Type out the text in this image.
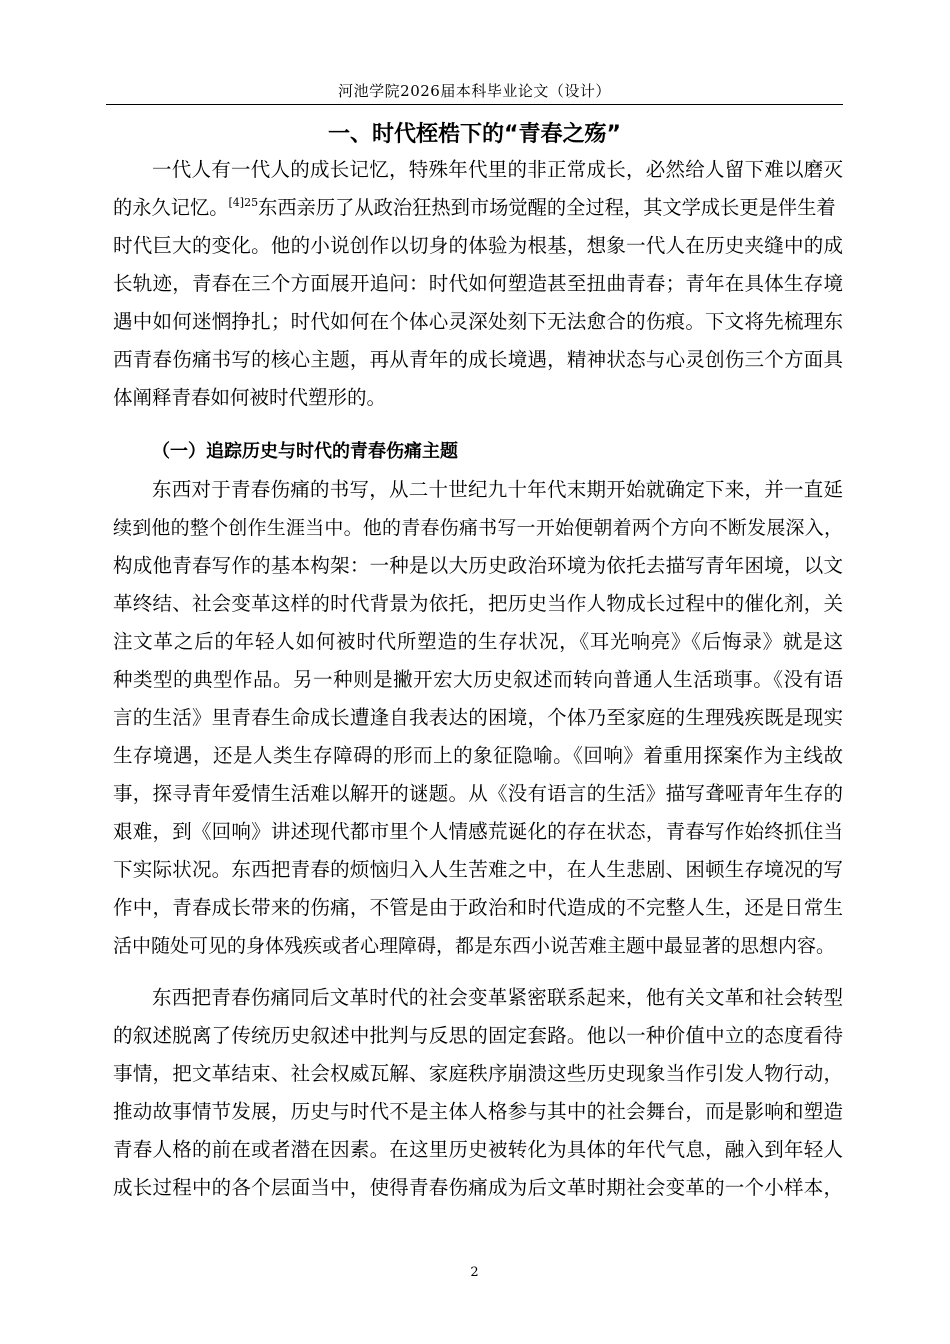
河池学院2026届本科毕业论文（设计）
一、时代桎梏下的“青春之殇”

一代人有一代人的成长记忆，特殊年代里的非正常成长，必然给人留下难以磨灭

的永久记忆。$^{[4]25}$东西亲历了从政治狂热到市场觉醒的全过程，其文学成长更是伴生着

时代巨大的变化。他的小说创作以切身的体验为根基，想象一代人在历史夹缝中的成

长轨迹，青春在三个方面展开追问：时代如何塑造甚至扭曲青春；青年在具体生存境

遇中如何迷惘挣扎；时代如何在个体心灵深处刻下无法愈合的伤痕。下文将先梳理东

西青春伤痛书写的核心主题，再从青年的成长境遇，精神状态与心灵创伤三个方面具

体阐释青春如何被时代塑形的。

（一）追踪历史与时代的青春伤痛主题

东西对于青春伤痛的书写，从二十世纪九十年代末期开始就确定下来，并一直延

续到他的整个创作生涯当中。他的青春伤痛书写一开始便朝着两个方向不断发展深入，

构成他青春写作的基本构架：一种是以大历史政治环境为依托去描写青年困境，以文

革终结、社会变革这样的时代背景为依托，把历史当作人物成长过程中的催化剂，关

注文革之后的年轻人如何被时代所塑造的生存状况，《耳光响亮》《后悔录》就是这

种类型的典型作品。另一种则是撇开宏大历史叙述而转向普通人生活琐事。《没有语

言的生活》里青春生命成长遭逢自我表达的困境，个体乃至家庭的生理残疾既是现实

生存境遇，还是人类生存障碍的形而上的象征隐喻。《回响》着重用探案作为主线故

事，探寻青年爱情生活难以解开的谜题。从《没有语言的生活》描写聋哑青年生存的

艰难，到《回响》讲述现代都市里个人情感荒诞化的存在状态，青春写作始终抓住当

下实际状况。东西把青春的烦恼归入人生苦难之中，在人生悲剧、困顿生存境况的写

作中，青春成长带来的伤痛，不管是由于政治和时代造成的不完整人生，还是日常生

活中随处可见的身体残疾或者心理障碍，都是东西小说苦难主题中最显著的思想内容。

东西把青春伤痛同后文革时代的社会变革紧密联系起来，他有关文革和社会转型

的叙述脱离了传统历史叙述中批判与反思的固定套路。他以一种价值中立的态度看待

事情，把文革结束、社会权威瓦解、家庭秩序崩溃这些历史现象当作引发人物行动，

推动故事情节发展，历史与时代不是主体人格参与其中的社会舞台，而是影响和塑造

青春人格的前在或者潜在因素。在这里历史被转化为具体的年代气息，融入到年轻人

成长过程中的各个层面当中，使得青春伤痛成为后文革时期社会变革的一个小样本，

2
